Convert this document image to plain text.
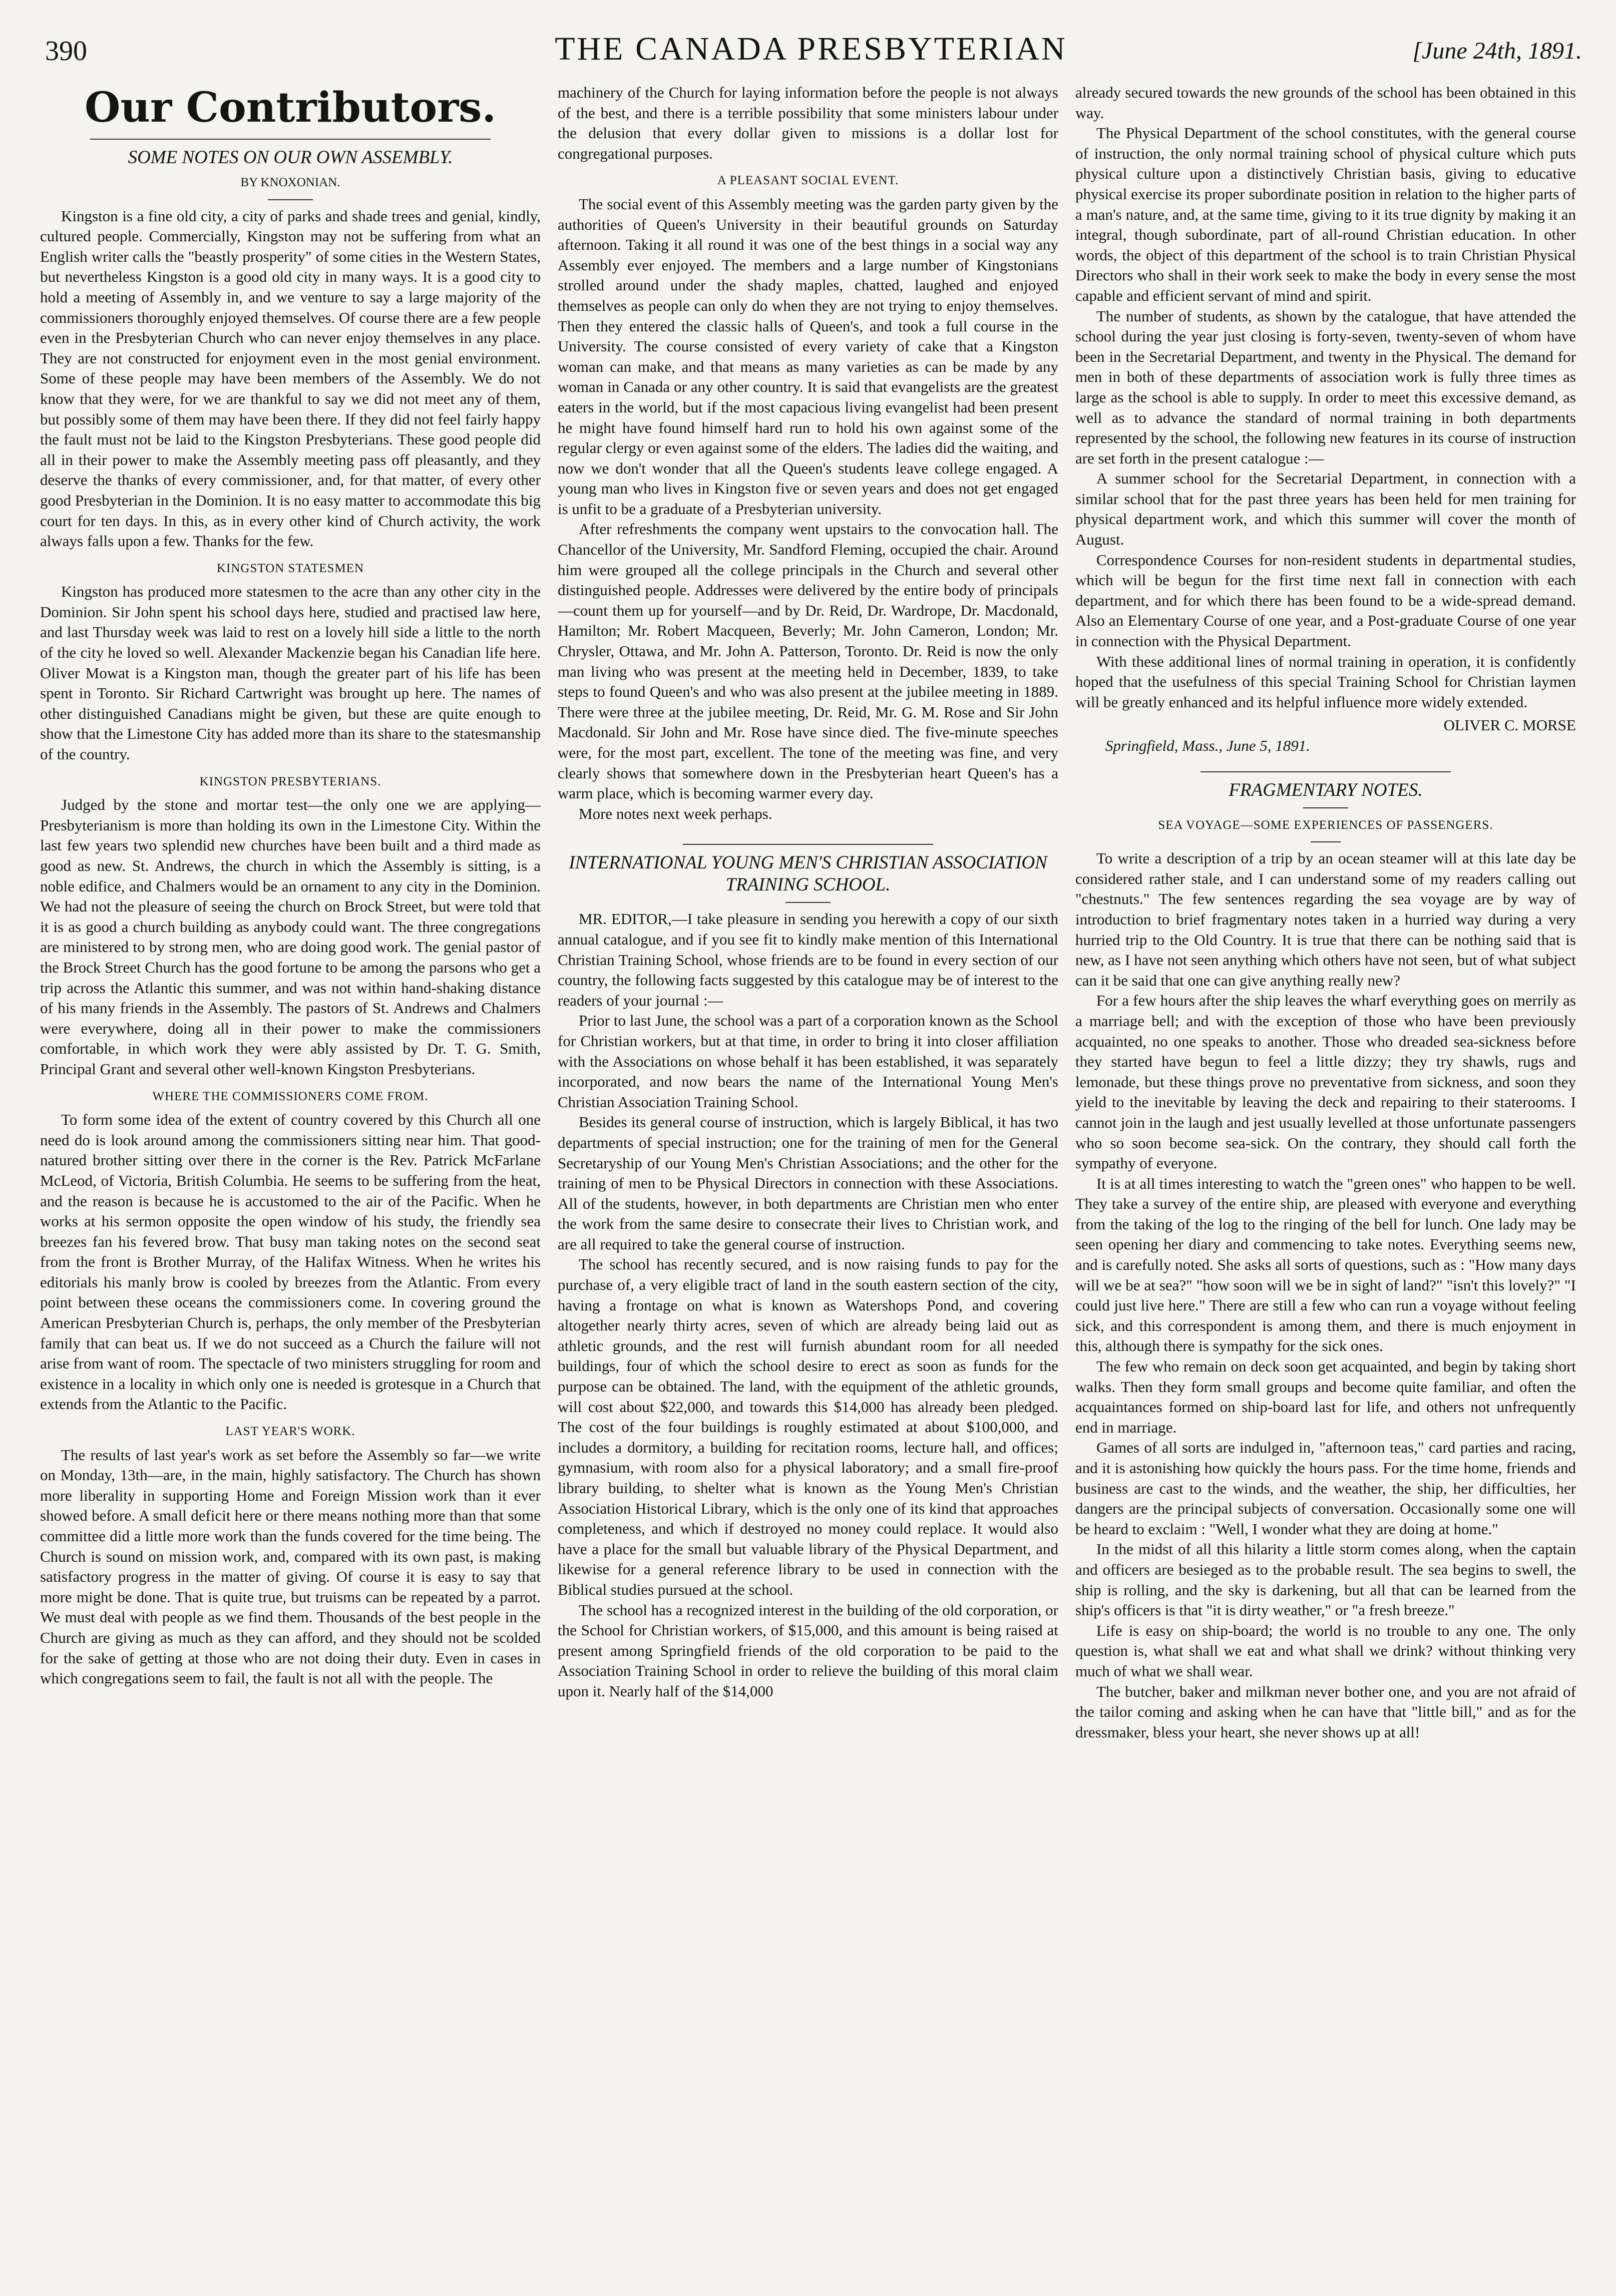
390	THE CANADA PRESBYTERIAN	[June 24th, 1891.
Our Contributors.
SOME NOTES ON OUR OWN ASSEMBLY.
BY KNOXONIAN.

Kingston is a fine old city, a city of parks and shade trees and genial, kindly, cultured people. Commercially, Kingston may not be suffering from what an English writer calls the "beastly prosperity" of some cities in the Western States, but nevertheless Kingston is a good old city in many ways. It is a good city to hold a meeting of Assembly in, and we venture to say a large majority of the commissioners thoroughly enjoyed themselves. Of course there are a few people even in the Presbyterian Church who can never enjoy themselves in any place. They are not constructed for enjoyment even in the most genial environment. Some of these people may have been members of the Assembly. We do not know that they were, for we are thankful to say we did not meet any of them, but possibly some of them may have been there. If they did not feel fairly happy the fault must not be laid to the Kingston Presbyterians. These good people did all in their power to make the Assembly meeting pass off pleasantly, and they deserve the thanks of every commissioner, and, for that matter, of every other good Presbyterian in the Dominion. It is no easy matter to accommodate this big court for ten days. In this, as in every other kind of Church activity, the work always falls upon a few. Thanks for the few.

KINGSTON STATESMEN

Kingston has produced more statesmen to the acre than any other city in the Dominion. Sir John spent his school days here, studied and practised law here, and last Thursday week was laid to rest on a lovely hill side a little to the north of the city he loved so well. Alexander Mackenzie began his Canadian life here. Oliver Mowat is a Kingston man, though the greater part of his life has been spent in Toronto. Sir Richard Cartwright was brought up here. The names of other distinguished Canadians might be given, but these are quite enough to show that the Limestone City has added more than its share to the statesmanship of the country.

KINGSTON PRESBYTERIANS.

Judged by the stone and mortar test—the only one we are applying—Presbyterianism is more than holding its own in the Limestone City. Within the last few years two splendid new churches have been built and a third made as good as new. St. Andrews, the church in which the Assembly is sitting, is a noble edifice, and Chalmers would be an ornament to any city in the Dominion. We had not the pleasure of seeing the church on Brock Street, but were told that it is as good a church building as anybody could want. The three congregations are ministered to by strong men, who are doing good work. The genial pastor of the Brock Street Church has the good fortune to be among the parsons who get a trip across the Atlantic this summer, and was not within hand-shaking distance of his many friends in the Assembly. The pastors of St. Andrews and Chalmers were everywhere, doing all in their power to make the commissioners comfortable, in which work they were ably assisted by Dr. T. G. Smith, Principal Grant and several other well-known Kingston Presbyterians.

WHERE THE COMMISSIONERS COME FROM.

To form some idea of the extent of country covered by this Church all one need do is look around among the commissioners sitting near him. That good-natured brother sitting over there in the corner is the Rev. Patrick McFarlane McLeod, of Victoria, British Columbia. He seems to be suffering from the heat, and the reason is because he is accustomed to the air of the Pacific. When he works at his sermon opposite the open window of his study, the friendly sea breezes fan his fevered brow. That busy man taking notes on the second seat from the front is Brother Murray, of the Halifax Witness. When he writes his editorials his manly brow is cooled by breezes from the Atlantic. From every point between these oceans the commissioners come. In covering ground the American Presbyterian Church is, perhaps, the only member of the Presbyterian family that can beat us. If we do not succeed as a Church the failure will not arise from want of room. The spectacle of two ministers struggling for room and existence in a locality in which only one is needed is grotesque in a Church that extends from the Atlantic to the Pacific.

LAST YEAR'S WORK.

The results of last year's work as set before the Assembly so far—we write on Monday, 13th—are, in the main, highly satisfactory. The Church has shown more liberality in supporting Home and Foreign Mission work than it ever showed before. A small deficit here or there means nothing more than that some committee did a little more work than the funds covered for the time being. The Church is sound on mission work, and, compared with its own past, is making satisfactory progress in the matter of giving. Of course it is easy to say that more might be done. That is quite true, but truisms can be repeated by a parrot. We must deal with people as we find them. Thousands of the best people in the Church are giving as much as they can afford, and they should not be scolded for the sake of getting at those who are not doing their duty. Even in cases in which congregations seem to fail, the fault is not all with the people. The

machinery of the Church for laying information before the people is not always of the best, and there is a terrible possibility that some ministers labour under the delusion that every dollar given to missions is a dollar lost for congregational purposes.

A PLEASANT SOCIAL EVENT.

The social event of this Assembly meeting was the garden party given by the authorities of Queen's University in their beautiful grounds on Saturday afternoon. Taking it all round it was one of the best things in a social way any Assembly ever enjoyed. The members and a large number of Kingstonians strolled around under the shady maples, chatted, laughed and enjoyed themselves as people can only do when they are not trying to enjoy themselves. Then they entered the classic halls of Queen's, and took a full course in the University. The course consisted of every variety of cake that a Kingston woman can make, and that means as many varieties as can be made by any woman in Canada or any other country. It is said that evangelists are the greatest eaters in the world, but if the most capacious living evangelist had been present he might have found himself hard run to hold his own against some of the regular clergy or even against some of the elders. The ladies did the waiting, and now we don't wonder that all the Queen's students leave college engaged. A young man who lives in Kingston five or seven years and does not get engaged is unfit to be a graduate of a Presbyterian university.

After refreshments the company went upstairs to the convocation hall. The Chancellor of the University, Mr. Sandford Fleming, occupied the chair. Around him were grouped all the college principals in the Church and several other distinguished people. Addresses were delivered by the entire body of principals—count them up for yourself—and by Dr. Reid, Dr. Wardrope, Dr. Macdonald, Hamilton; Mr. Robert Macqueen, Beverly; Mr. John Cameron, London; Mr. Chrysler, Ottawa, and Mr. John A. Patterson, Toronto. Dr. Reid is now the only man living who was present at the meeting held in December, 1839, to take steps to found Queen's and who was also present at the jubilee meeting in 1889. There were three at the jubilee meeting, Dr. Reid, Mr. G. M. Rose and Sir John Macdonald. Sir John and Mr. Rose have since died. The five-minute speeches were, for the most part, excellent. The tone of the meeting was fine, and very clearly shows that somewhere down in the Presbyterian heart Queen's has a warm place, which is becoming warmer every day.

More notes next week perhaps.

INTERNATIONAL YOUNG MEN'S CHRISTIAN ASSOCIATION TRAINING SCHOOL.

MR. EDITOR,—I take pleasure in sending you herewith a copy of our sixth annual catalogue, and if you see fit to kindly make mention of this International Christian Training School, whose friends are to be found in every section of our country, the following facts suggested by this catalogue may be of interest to the readers of your journal :—

Prior to last June, the school was a part of a corporation known as the School for Christian workers, but at that time, in order to bring it into closer affiliation with the Associations on whose behalf it has been established, it was separately incorporated, and now bears the name of the International Young Men's Christian Association Training School.

Besides its general course of instruction, which is largely Biblical, it has two departments of special instruction; one for the training of men for the General Secretaryship of our Young Men's Christian Associations; and the other for the training of men to be Physical Directors in connection with these Associations. All of the students, however, in both departments are Christian men who enter the work from the same desire to consecrate their lives to Christian work, and are all required to take the general course of instruction.

The school has recently secured, and is now raising funds to pay for the purchase of, a very eligible tract of land in the south eastern section of the city, having a frontage on what is known as Watershops Pond, and covering altogether nearly thirty acres, seven of which are already being laid out as athletic grounds, and the rest will furnish abundant room for all needed buildings, four of which the school desire to erect as soon as funds for the purpose can be obtained. The land, with the equipment of the athletic grounds, will cost about $22,000, and towards this $14,000 has already been pledged. The cost of the four buildings is roughly estimated at about $100,000, and includes a dormitory, a building for recitation rooms, lecture hall, and offices; gymnasium, with room also for a physical laboratory; and a small fire-proof library building, to shelter what is known as the Young Men's Christian Association Historical Library, which is the only one of its kind that approaches completeness, and which if destroyed no money could replace. It would also have a place for the small but valuable library of the Physical Department, and likewise for a general reference library to be used in connection with the Biblical studies pursued at the school.

The school has a recognized interest in the building of the old corporation, or the School for Christian workers, of $15,000, and this amount is being raised at present among Springfield friends of the old corporation to be paid to the Association Training School in order to relieve the building of this moral claim upon it. Nearly half of the $14,000

already secured towards the new grounds of the school has been obtained in this way.

The Physical Department of the school constitutes, with the general course of instruction, the only normal training school of physical culture which puts physical culture upon a distinctively Christian basis, giving to educative physical exercise its proper subordinate position in relation to the higher parts of a man's nature, and, at the same time, giving to it its true dignity by making it an integral, though subordinate, part of all-round Christian education. In other words, the object of this department of the school is to train Christian Physical Directors who shall in their work seek to make the body in every sense the most capable and efficient servant of mind and spirit.

The number of students, as shown by the catalogue, that have attended the school during the year just closing is forty-seven, twenty-seven of whom have been in the Secretarial Department, and twenty in the Physical. The demand for men in both of these departments of association work is fully three times as large as the school is able to supply. In order to meet this excessive demand, as well as to advance the standard of normal training in both departments represented by the school, the following new features in its course of instruction are set forth in the present catalogue :—

A summer school for the Secretarial Department, in connection with a similar school that for the past three years has been held for men training for physical department work, and which this summer will cover the month of August.

Correspondence Courses for non-resident students in departmental studies, which will be begun for the first time next fall in connection with each department, and for which there has been found to be a wide-spread demand. Also an Elementary Course of one year, and a Post-graduate Course of one year in connection with the Physical Department.

With these additional lines of normal training in operation, it is confidently hoped that the usefulness of this special Training School for Christian laymen will be greatly enhanced and its helpful influence more widely extended.

OLIVER C. MORSE
Springfield, Mass., June 5, 1891.
FRAGMENTARY NOTES.
SEA VOYAGE—SOME EXPERIENCES OF PASSENGERS.

To write a description of a trip by an ocean steamer will at this late day be considered rather stale, and I can understand some of my readers calling out "chestnuts." The few sentences regarding the sea voyage are by way of introduction to brief fragmentary notes taken in a hurried way during a very hurried trip to the Old Country. It is true that there can be nothing said that is new, as I have not seen anything which others have not seen, but of what subject can it be said that one can give anything really new?

For a few hours after the ship leaves the wharf everything goes on merrily as a marriage bell; and with the exception of those who have been previously acquainted, no one speaks to another. Those who dreaded sea-sickness before they started have begun to feel a little dizzy; they try shawls, rugs and lemonade, but these things prove no preventative from sickness, and soon they yield to the inevitable by leaving the deck and repairing to their staterooms. I cannot join in the laugh and jest usually levelled at those unfortunate passengers who so soon become sea-sick. On the contrary, they should call forth the sympathy of everyone.

It is at all times interesting to watch the "green ones" who happen to be well. They take a survey of the entire ship, are pleased with everyone and everything from the taking of the log to the ringing of the bell for lunch. One lady may be seen opening her diary and commencing to take notes. Everything seems new, and is carefully noted. She asks all sorts of questions, such as : "How many days will we be at sea?" "how soon will we be in sight of land?" "isn't this lovely?" "I could just live here." There are still a few who can run a voyage without feeling sick, and this correspondent is among them, and there is much enjoyment in this, although there is sympathy for the sick ones.

The few who remain on deck soon get acquainted, and begin by taking short walks. Then they form small groups and become quite familiar, and often the acquaintances formed on ship-board last for life, and others not unfrequently end in marriage.

Games of all sorts are indulged in, "afternoon teas," card parties and racing, and it is astonishing how quickly the hours pass. For the time home, friends and business are cast to the winds, and the weather, the ship, her difficulties, her dangers are the principal subjects of conversation. Occasionally some one will be heard to exclaim : "Well, I wonder what they are doing at home."

In the midst of all this hilarity a little storm comes along, when the captain and officers are besieged as to the probable result. The sea begins to swell, the ship is rolling, and the sky is darkening, but all that can be learned from the ship's officers is that "it is dirty weather," or "a fresh breeze."

Life is easy on ship-board; the world is no trouble to any one. The only question is, what shall we eat and what shall we drink? without thinking very much of what we shall wear.

The butcher, baker and milkman never bother one, and you are not afraid of the tailor coming and asking when he can have that "little bill," and as for the dressmaker, bless your heart, she never shows up at all!
